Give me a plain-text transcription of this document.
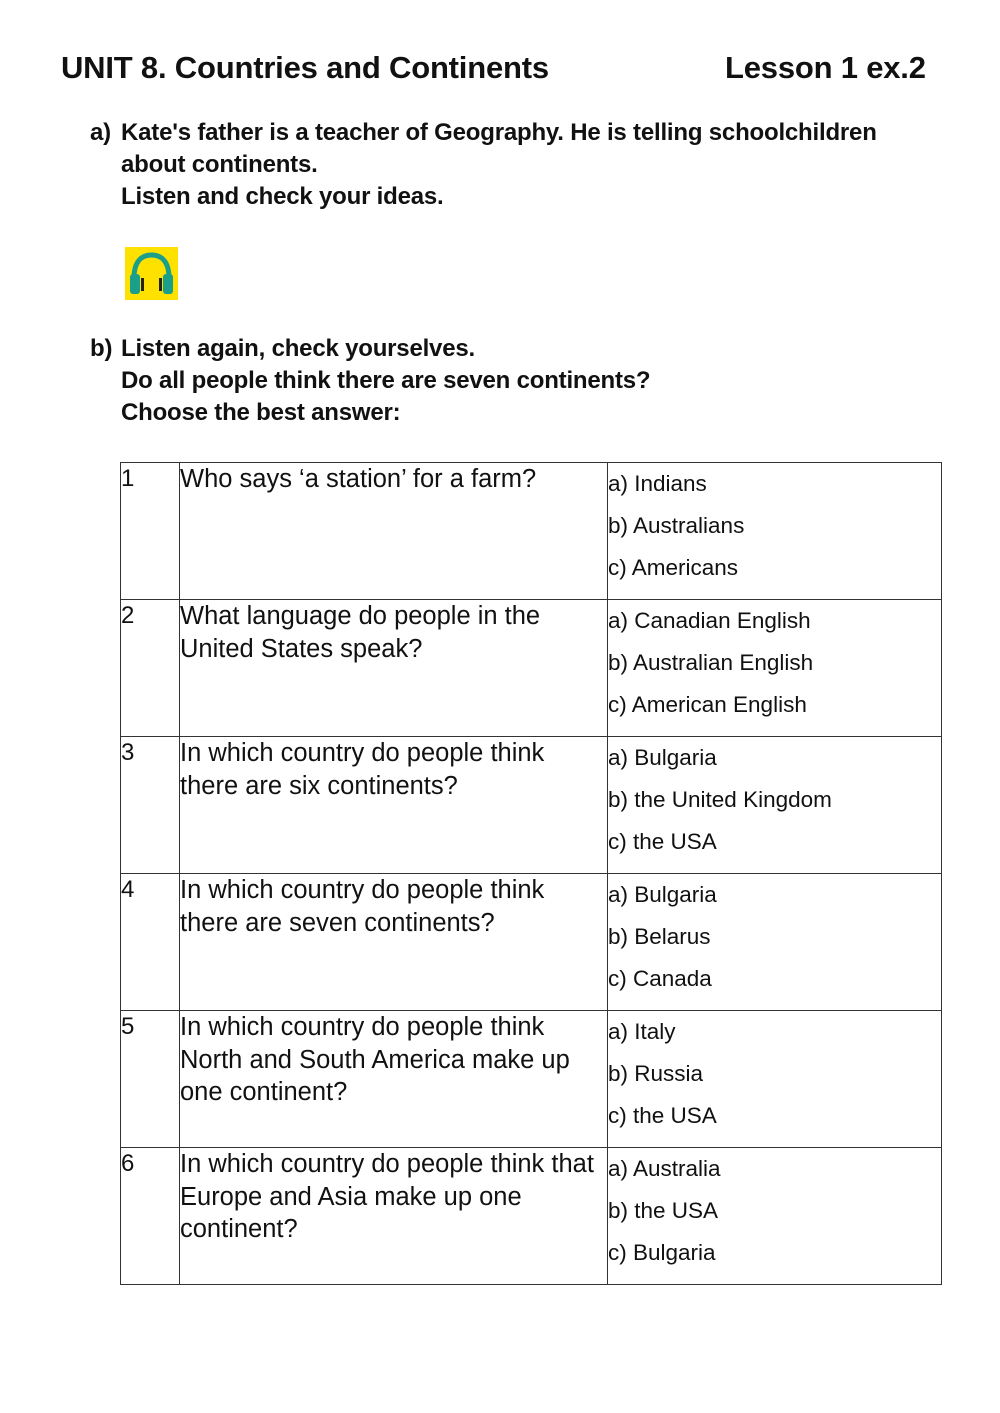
UNIT 8. Countries and Continents	Lesson 1 ex.2
a) Kate's father is a teacher of Geography. He is telling schoolchildren
about continents.
Listen and check your ideas.
b) Listen again, check yourselves.
Do all people think there are seven continents?
Choose the best answer:
1	Who says ‘a station’ for a farm?	a) Indians
b) Australians
c) Americans

2	What language do people in the United States speak?	a) Canadian English
b) Australian English
c) American English

3	In which country do people think there are six continents?	a) Bulgaria
b) the United Kingdom
c) the USA

4	In which country do people think there are seven continents?	a) Bulgaria
b) Belarus
c) Canada

5	In which country do people think North and South America make up one continent?	a) Italy
b) Russia
c) the USA

6	In which country do people think that Europe and Asia make up one continent?	a) Australia
b) the USA
c) Bulgaria
